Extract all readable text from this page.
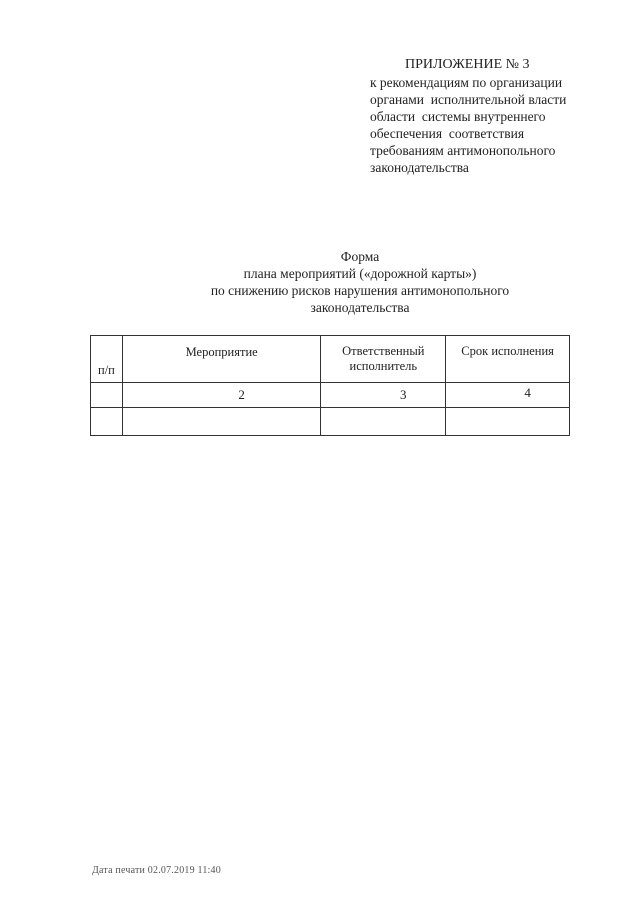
ПРИЛОЖЕНИЕ № 3
к рекомендациям по организации
органами  исполнительной власти
области  системы внутреннего
обеспечения  соответствия
требованиям антимонопольного
законодательства
Форма
плана мероприятий («дорожной карты»)
по снижению рисков нарушения антимонопольного
законодательства
п/п	Мероприятие	Ответственный исполнитель	Срок исполнения

	2	3	4

Дата печати 02.07.2019 11:40
